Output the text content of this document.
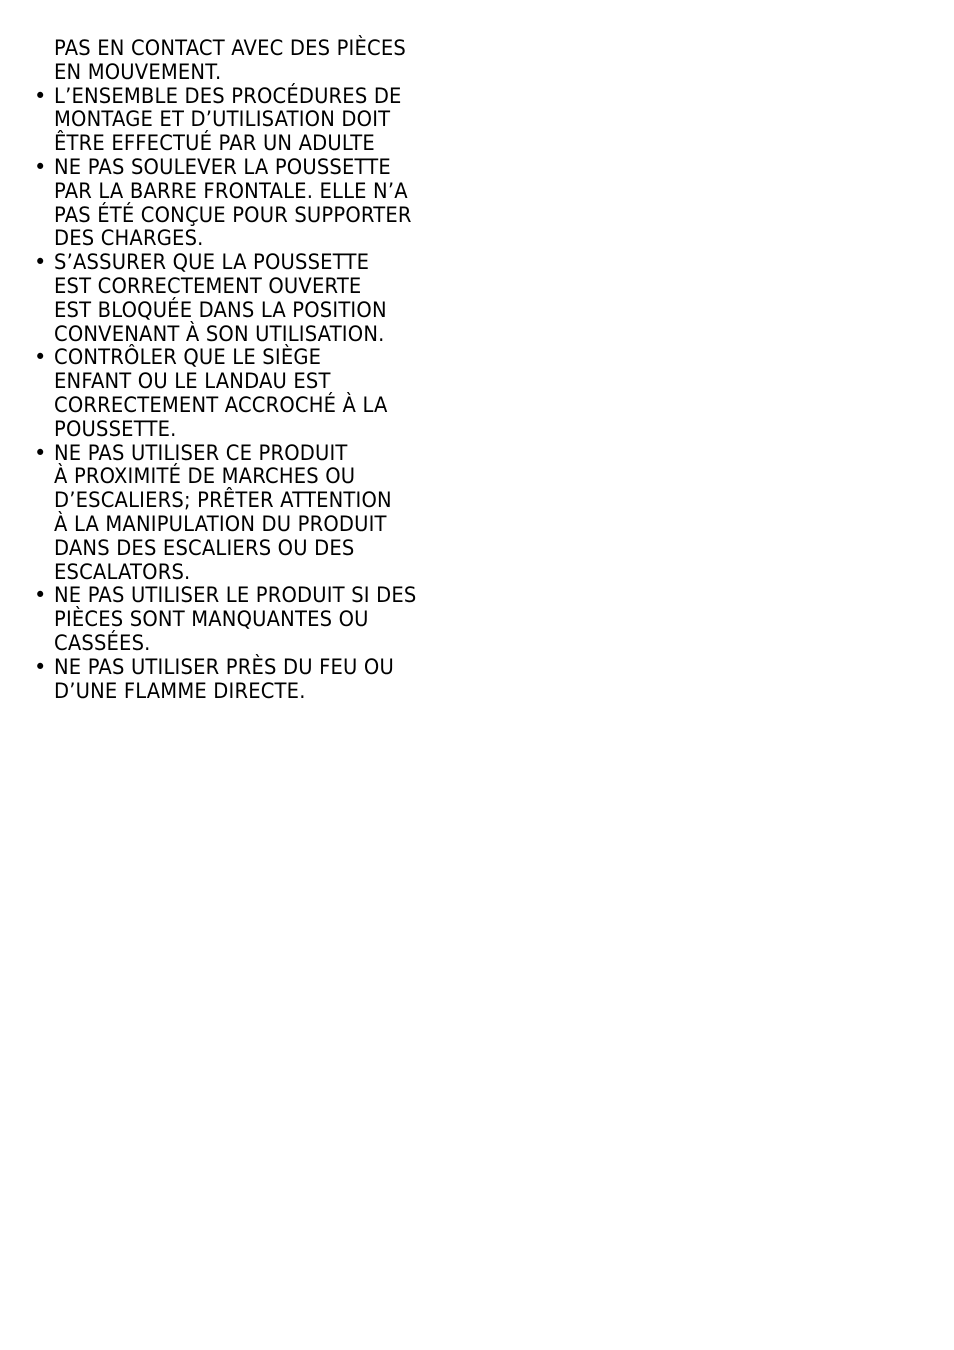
PAS EN CONTACT AVEC DES PIÈCES
EN MOUVEMENT.
• L’ENSEMBLE DES PROCÉDURES DE
MONTAGE ET D’UTILISATION DOIT
ÊTRE EFFECTUÉ PAR UN ADULTE
• NE PAS SOULEVER LA POUSSETTE
PAR LA BARRE FRONTALE. ELLE N’A
PAS ÉTÉ CONÇUE POUR SUPPORTER
DES CHARGES.
• S’ASSURER QUE LA POUSSETTE
EST CORRECTEMENT OUVERTE
EST BLOQUÉE DANS LA POSITION
CONVENANT À SON UTILISATION.
• CONTRÔLER QUE LE SIÈGE
ENFANT OU LE LANDAU EST
CORRECTEMENT ACCROCHÉ À LA
POUSSETTE.
• NE PAS UTILISER CE PRODUIT
À PROXIMITÉ DE MARCHES OU
D’ESCALIERS; PRÊTER ATTENTION
À LA MANIPULATION DU PRODUIT
DANS DES ESCALIERS OU DES
ESCALATORS.
• NE PAS UTILISER LE PRODUIT SI DES
PIÈCES SONT MANQUANTES OU
CASSÉES.
• NE PAS UTILISER PRÈS DU FEU OU
D’UNE FLAMME DIRECTE.
